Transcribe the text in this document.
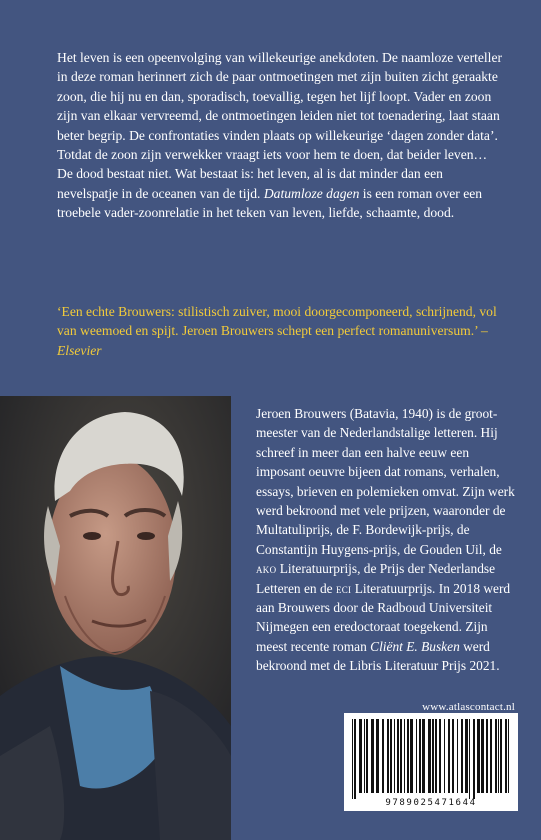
Het leven is een opeenvolging van willekeurige anekdoten. De naamloze verteller in deze roman herinnert zich de paar ontmoetingen met zijn buiten zicht geraakte zoon, die hij nu en dan, sporadisch, toevallig, tegen het lijf loopt. Vader en zoon zijn van elkaar vervreemd, de ontmoetingen leiden niet tot toenadering, laat staan beter begrip. De confrontaties vinden plaats op willekeurige ‘dagen zonder data’. Totdat de zoon zijn verwekker vraagt iets voor hem te doen, dat beider leven…

De dood bestaat niet. Wat bestaat is: het leven, al is dat minder dan een nevelspatje in de oceanen van de tijd. Datumloze dagen is een roman over een troebele vader-zoonrelatie in het teken van leven, liefde, schaamte, dood.

‘Een echte Brouwers: stilistisch zuiver, mooi doorgecomponeerd, schrijnend, vol van weemoed en spijt. Jeroen Brouwers schept een perfect romanuniversum.’ – Elsevier
Jeroen Brouwers (Batavia, 1940) is de grootmeester van de Nederlandstalige letteren. Hij schreef in meer dan een halve eeuw een imposant oeuvre bijeen dat romans, verhalen, essays, brieven en polemieken omvat. Zijn werk werd bekroond met vele prijzen, waaronder de Multatuliprijs, de F. Bordewijk-prijs, de Constantijn Huygens-prijs, de Gouden Uil, de ako Literatuurprijs, de Prijs der Nederlandse Letteren en de eci Literatuurprijs. In 2018 werd aan Brouwers door de Radboud Universiteit Nijmegen een eredoctoraat toegekend. Zijn meest recente roman Cliënt E. Busken werd bekroond met de Libris Literatuur Prijs 2021.
www.atlascontact.nl
9789025471644
